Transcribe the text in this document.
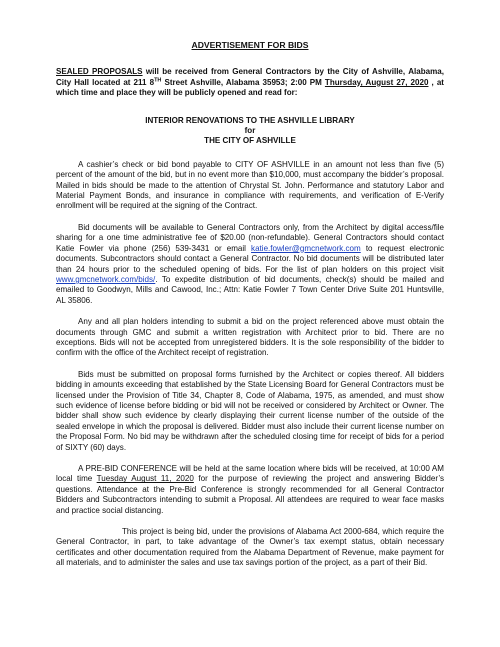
ADVERTISEMENT FOR BIDS
SEALED PROPOSALS will be received from General Contractors by the City of Ashville, Alabama, City Hall located at 211 8TH Street Ashville, Alabama 35953; 2:00 PM Thursday, August 27, 2020 , at which time and place they will be publicly opened and read for:
INTERIOR RENOVATIONS TO THE ASHVILLE LIBRARY
for
THE CITY OF ASHVILLE

A cashier’s check or bid bond payable to CITY OF ASHVILLE in an amount not less than five (5) percent of the amount of the bid, but in no event more than $10,000, must accompany the bidder’s proposal. Mailed in bids should be made to the attention of Chrystal St. John. Performance and statutory Labor and Material Payment Bonds, and insurance in compliance with requirements, and verification of E-Verify enrollment will be required at the signing of the Contract.

Bid documents will be available to General Contractors only, from the Architect by digital access/file sharing for a one time administrative fee of $20.00 (non-refundable). General Contractors should contact Katie Fowler via phone (256) 539-3431 or email katie.fowler@gmcnetwork.com to request electronic documents. Subcontractors should contact a General Contractor. No bid documents will be distributed later than 24 hours prior to the scheduled opening of bids. For the list of plan holders on this project visit www.gmcnetwork.com/bids/. To expedite distribution of bid documents, check(s) should be mailed and emailed to Goodwyn, Mills and Cawood, Inc.; Attn: Katie Fowler 7 Town Center Drive Suite 201 Huntsville, AL 35806.

Any and all plan holders intending to submit a bid on the project referenced above must obtain the documents through GMC and submit a written registration with Architect prior to bid. There are no exceptions. Bids will not be accepted from unregistered bidders. It is the sole responsibility of the bidder to confirm with the office of the Architect receipt of registration.

Bids must be submitted on proposal forms furnished by the Architect or copies thereof. All bidders bidding in amounts exceeding that established by the State Licensing Board for General Contractors must be licensed under the Provision of Title 34, Chapter 8, Code of Alabama, 1975, as amended, and must show such evidence of license before bidding or bid will not be received or considered by Architect or Owner. The bidder shall show such evidence by clearly displaying their current license number of the outside of the sealed envelope in which the proposal is delivered. Bidder must also include their current license number on the Proposal Form. No bid may be withdrawn after the scheduled closing time for receipt of bids for a period of SIXTY (60) days.

A PRE-BID CONFERENCE will be held at the same location where bids will be received, at 10:00 AM local time Tuesday August 11, 2020 for the purpose of reviewing the project and answering Bidder’s questions. Attendance at the Pre-Bid Conference is strongly recommended for all General Contractor Bidders and Subcontractors intending to submit a Proposal. All attendees are required to wear face masks and practice social distancing.

This project is being bid, under the provisions of Alabama Act 2000-684, which require the General Contractor, in part, to take advantage of the Owner’s tax exempt status, obtain necessary certificates and other documentation required from the Alabama Department of Revenue, make payment for all materials, and to administer the sales and use tax savings portion of the project, as a part of their Bid.
